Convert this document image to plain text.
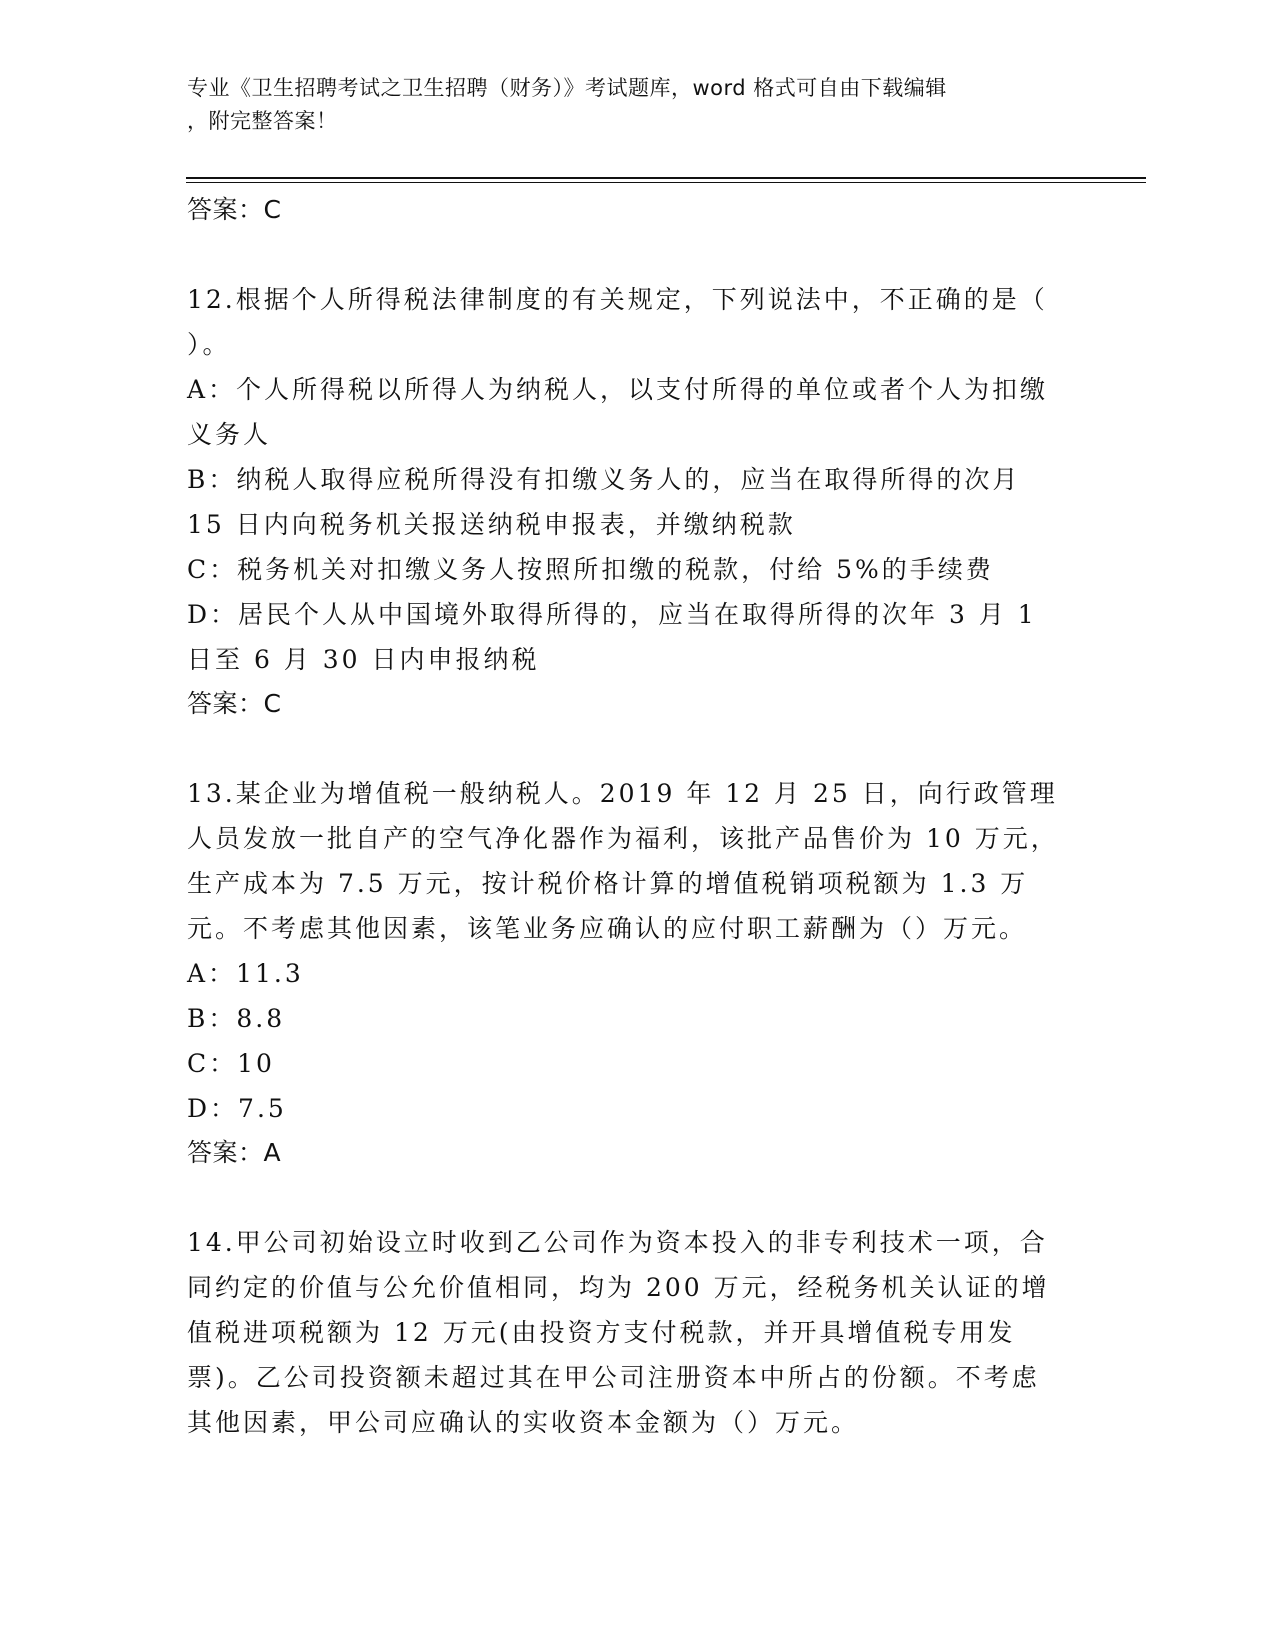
专业《卫生招聘考试之卫生招聘（财务）》考试题库，word 格式可自由下载编辑
，附完整答案！

答案：C

12.根据个人所得税法律制度的有关规定，下列说法中，不正确的是（ ）。

A：个人所得税以所得人为纳税人，以支付所得的单位或者个人为扣缴义务人

B：纳税人取得应税所得没有扣缴义务人的，应当在取得所得的次月 15 日内向税务机关报送纳税申报表，并缴纳税款

C：税务机关对扣缴义务人按照所扣缴的税款，付给 5%的手续费

D：居民个人从中国境外取得所得的，应当在取得所得的次年 3 月 1 日至 6 月 30 日内申报纳税

答案：C

13.某企业为增值税一般纳税人。2019 年 12 月 25 日，向行政管理人员发放一批自产的空气净化器作为福利，该批产品售价为 10 万元，生产成本为 7.5 万元，按计税价格计算的增值税销项税额为 1.3 万元。不考虑其他因素，该笔业务应确认的应付职工薪酬为（）万元。

A：11.3

B：8.8

C：10

D：7.5

答案：A

14.甲公司初始设立时收到乙公司作为资本投入的非专利技术一项，合同约定的价值与公允价值相同，均为 200 万元，经税务机关认证的增值税进项税额为 12 万元(由投资方支付税款，并开具增值税专用发票)。乙公司投资额未超过其在甲公司注册资本中所占的份额。不考虑其他因素，甲公司应确认的实收资本金额为（）万元。
